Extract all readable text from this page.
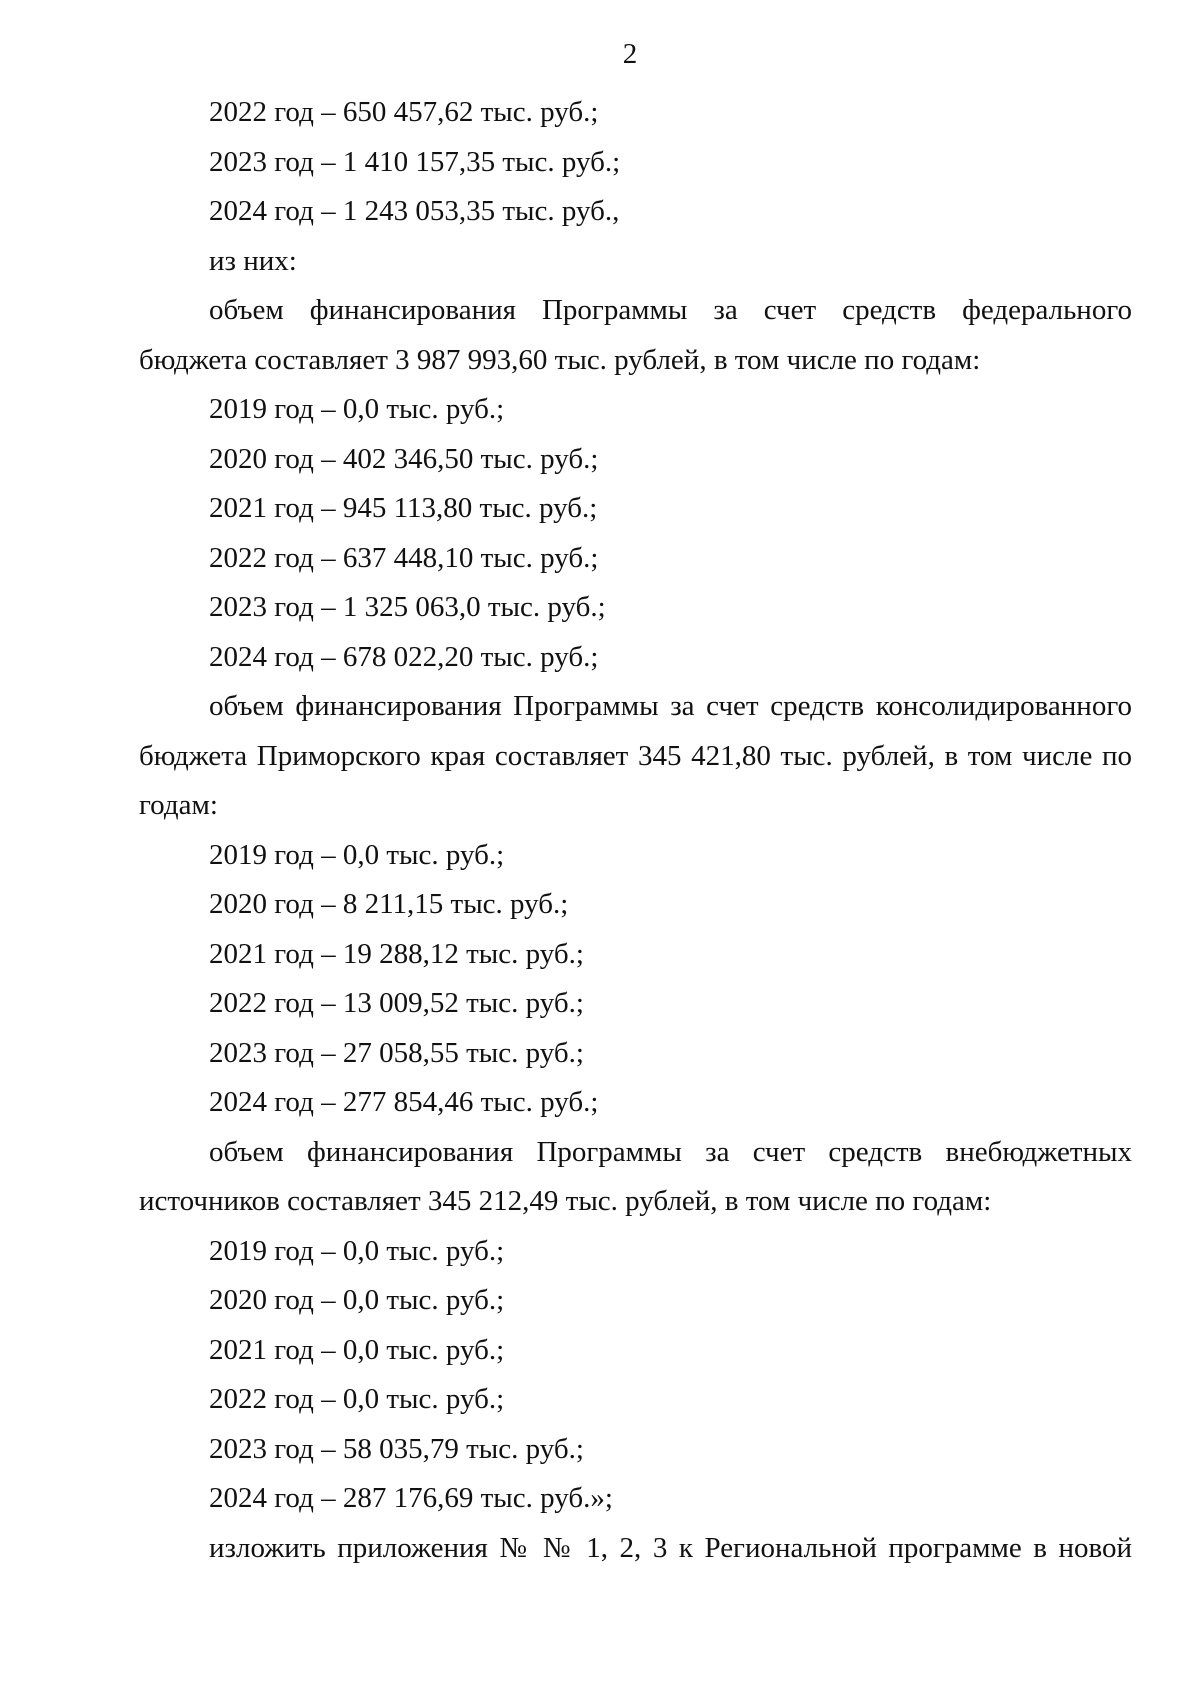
2
2022 год – 650 457,62 тыс. руб.;
2023 год – 1 410 157,35 тыс. руб.;
2024 год – 1 243 053,35 тыс. руб.,
из них:
объем финансирования Программы за счет средств федерального
бюджета составляет 3 987 993,60 тыс. рублей, в том числе по годам:
2019 год – 0,0 тыс. руб.;
2020 год – 402 346,50 тыс. руб.;
2021 год – 945 113,80 тыс. руб.;
2022 год – 637 448,10 тыс. руб.;
2023 год – 1 325 063,0 тыс. руб.;
2024 год – 678 022,20 тыс. руб.;
объем финансирования Программы за счет средств консолидированного
бюджета Приморского края составляет 345 421,80 тыс. рублей, в том числе по
годам:
2019 год – 0,0 тыс. руб.;
2020 год – 8 211,15 тыс. руб.;
2021 год – 19 288,12 тыс. руб.;
2022 год – 13 009,52 тыс. руб.;
2023 год – 27 058,55 тыс. руб.;
2024 год – 277 854,46 тыс. руб.;
объем финансирования Программы за счет средств внебюджетных
источников составляет 345 212,49 тыс. рублей, в том числе по годам:
2019 год – 0,0 тыс. руб.;
2020 год – 0,0 тыс. руб.;
2021 год – 0,0 тыс. руб.;
2022 год – 0,0 тыс. руб.;
2023 год – 58 035,79 тыс. руб.;
2024 год – 287 176,69 тыс. руб.»;
изложить приложения № № 1, 2, 3 к Региональной программе в новой
